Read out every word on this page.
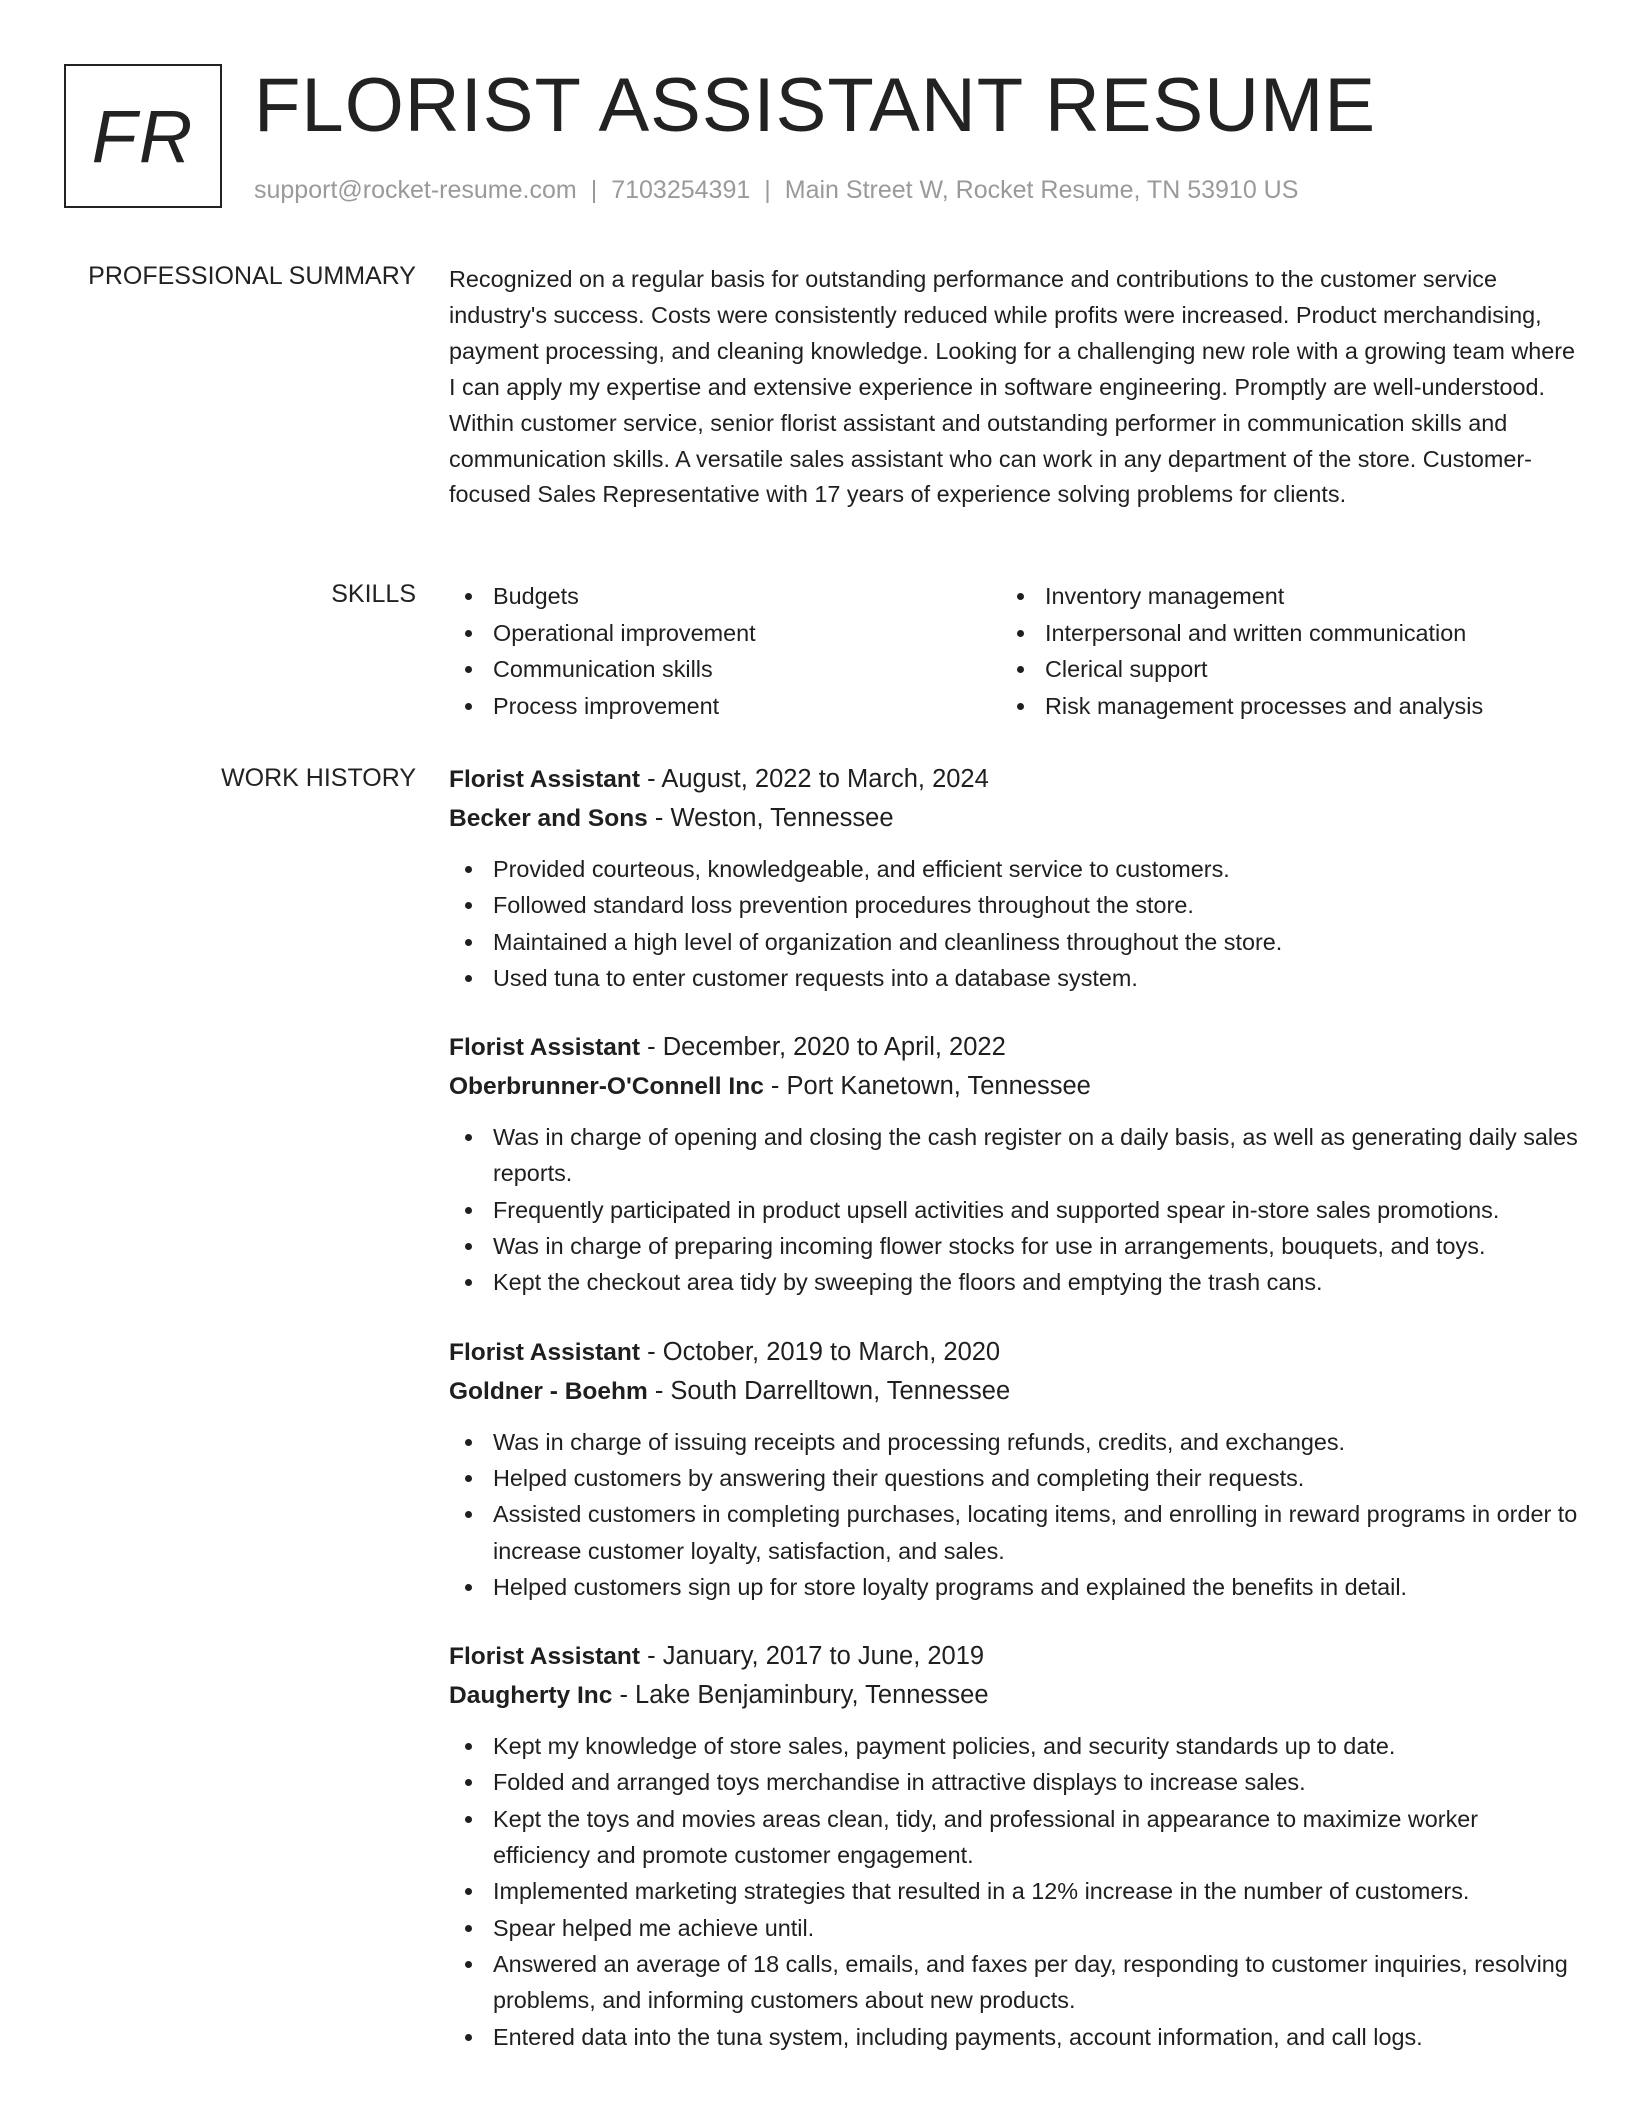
FR FLORIST ASSISTANT RESUME
support@rocket-resume.com | 7103254391 | Main Street W, Rocket Resume, TN 53910 US
PROFESSIONAL SUMMARY Recognized on a regular basis for outstanding performance and contributions to the customer service industry's success. Costs were consistently reduced while profits were increased. Product merchandising, payment processing, and cleaning knowledge. Looking for a challenging new role with a growing team where I can apply my expertise and extensive experience in software engineering. Promptly are well-understood. Within customer service, senior florist assistant and outstanding performer in communication skills and communication skills. A versatile sales assistant who can work in any department of the store. Customer-focused Sales Representative with 17 years of experience solving problems for clients.
SKILLS	Budgets
Operational improvement
Communication skills
Process improvement
Inventory management
Interpersonal and written communication
Clerical support
Risk management processes and analysis
WORK HISTORY Florist Assistant - August, 2022 to March, 2024
Becker and Sons - Weston, Tennessee
Provided courteous, knowledgeable, and efficient service to customers.
Followed standard loss prevention procedures throughout the store.
Maintained a high level of organization and cleanliness throughout the store.
Used tuna to enter customer requests into a database system.
Florist Assistant - December, 2020 to April, 2022
Oberbrunner-O'Connell Inc - Port Kanetown, Tennessee
Was in charge of opening and closing the cash register on a daily basis, as well as generating daily sales reports.
Frequently participated in product upsell activities and supported spear in-store sales promotions.
Was in charge of preparing incoming flower stocks for use in arrangements, bouquets, and toys.
Kept the checkout area tidy by sweeping the floors and emptying the trash cans.
Florist Assistant - October, 2019 to March, 2020
Goldner - Boehm - South Darrelltown, Tennessee
Was in charge of issuing receipts and processing refunds, credits, and exchanges.
Helped customers by answering their questions and completing their requests.
Assisted customers in completing purchases, locating items, and enrolling in reward programs in order to increase customer loyalty, satisfaction, and sales.
Helped customers sign up for store loyalty programs and explained the benefits in detail.
Florist Assistant - January, 2017 to June, 2019
Daugherty Inc - Lake Benjaminbury, Tennessee
Kept my knowledge of store sales, payment policies, and security standards up to date.
Folded and arranged toys merchandise in attractive displays to increase sales.
Kept the toys and movies areas clean, tidy, and professional in appearance to maximize worker efficiency and promote customer engagement.
Implemented marketing strategies that resulted in a 12% increase in the number of customers.
Spear helped me achieve until.
Answered an average of 18 calls, emails, and faxes per day, responding to customer inquiries, resolving problems, and informing customers about new products.
Entered data into the tuna system, including payments, account information, and call logs.
